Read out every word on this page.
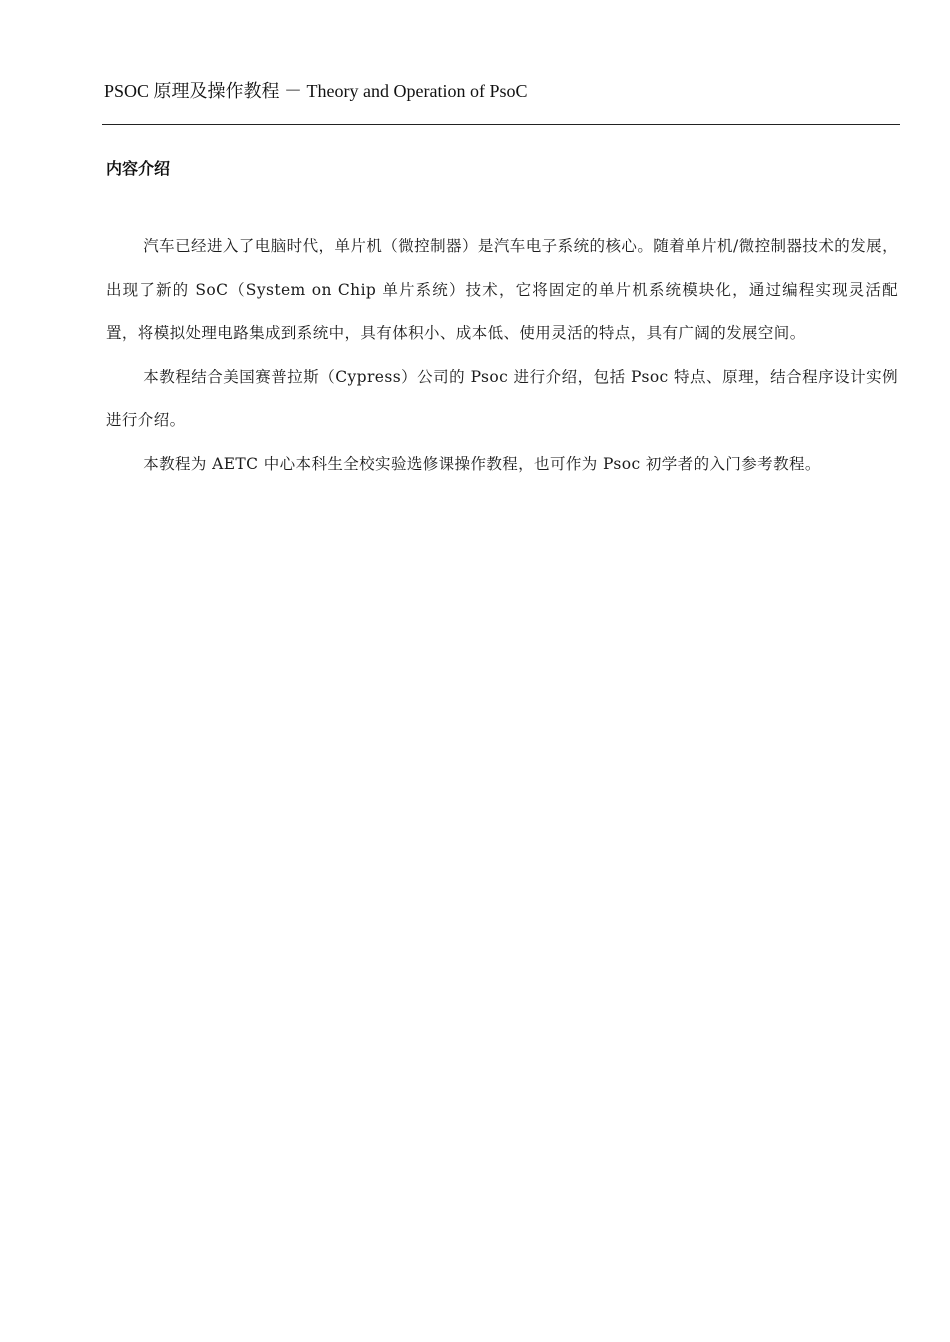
PSOC 原理及操作教程 － Theory and Operation of PsoC
内容介绍

汽车已经进入了电脑时代，单片机（微控制器）是汽车电子系统的核心。随着单片机/微控制器技术的发展，出现了新的 SoC（System on Chip 单片系统）技术，它将固定的单片机系统模块化，通过编程实现灵活配置，将模拟处理电路集成到系统中，具有体积小、成本低、使用灵活的特点，具有广阔的发展空间。

本教程结合美国赛普拉斯（Cypress）公司的 Psoc 进行介绍，包括 Psoc 特点、原理，结合程序设计实例进行介绍。

本教程为 AETC 中心本科生全校实验选修课操作教程，也可作为 Psoc 初学者的入门参考教程。
